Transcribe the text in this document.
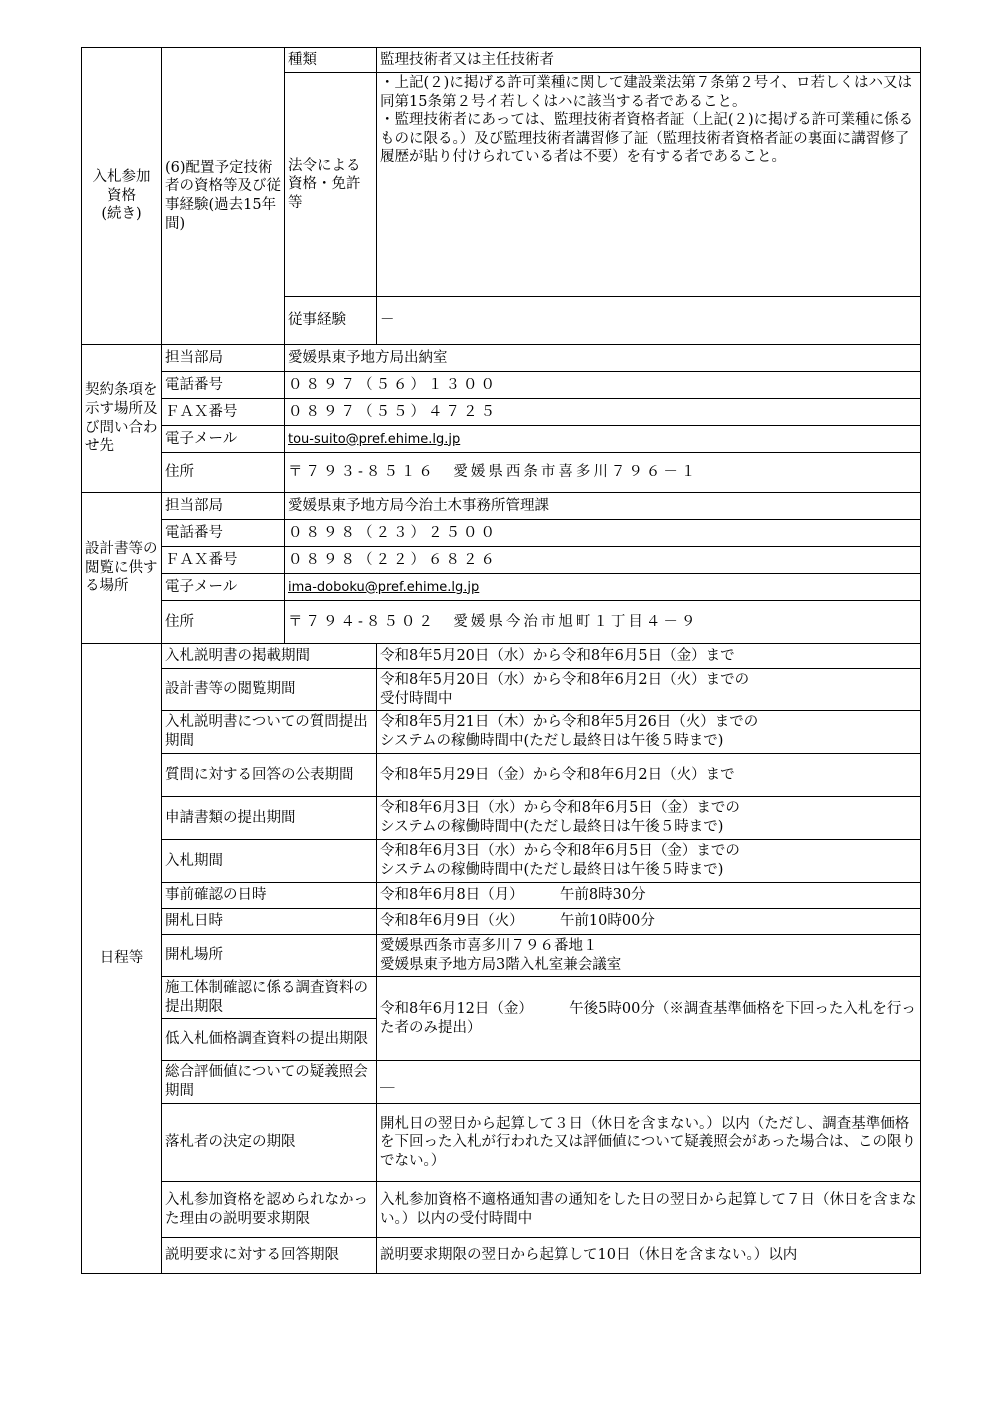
入札参加
資格
(続き)	(6)配置予定技術者の資格等及び従事経験(過去15年間)	種類	監理技術者又は主任技術者
		法令による資格・免許等	・上記(２)に掲げる許可業種に関して建設業法第７条第２号イ、ロ若しくはハ又は同第15条第２号イ若しくはハに該当する者であること。
・監理技術者にあっては、監理技術者資格者証（上記(２)に掲げる許可業種に係るものに限る。）及び監理技術者講習修了証（監理技術者資格者証の裏面に講習修了履歴が貼り付けられている者は不要）を有する者であること。
		従事経験	－
契約条項を示す場所及び問い合わせ先	担当部局	愛媛県東予地方局出納室	
	電話番号	０８９７（５６）１３００	
	ＦＡＸ番号	０８９７（５５）４７２５	
	電子メール	tou-suito@pref.ehime.lg.jp	
	住所	〒７９３-８５１６　愛媛県西条市喜多川７９６－１	
設計書等の閲覧に供する場所	担当部局	愛媛県東予地方局今治土木事務所管理課	
	電話番号	０８９８（２３）２５００	
	ＦＡＸ番号	０８９８（２２）６８２６	
	電子メール	ima-doboku@pref.ehime.lg.jp	
	住所	〒７９４-８５０２　愛媛県今治市旭町１丁目４－９	
日程等	入札説明書の掲載期間		令和8年5月20日（水）から令和8年6月5日（金）まで
	設計書等の閲覧期間		令和8年5月20日（水）から令和8年6月2日（火）までの
受付時間中
	入札説明書についての質問提出期間		令和8年5月21日（木）から令和8年5月26日（火）までの
システムの稼働時間中(ただし最終日は午後５時まで)
	質問に対する回答の公表期間		令和8年5月29日（金）から令和8年6月2日（火）まで
	申請書類の提出期間		令和8年6月3日（水）から令和8年6月5日（金）までの
システムの稼働時間中(ただし最終日は午後５時まで)
	入札期間		令和8年6月3日（水）から令和8年6月5日（金）までの
システムの稼働時間中(ただし最終日は午後５時まで)
	事前確認の日時		令和8年6月8日（月）　　　午前8時30分
	開札日時		令和8年6月9日（火）　　　午前10時00分
	開札場所		愛媛県西条市喜多川７９６番地１
愛媛県東予地方局3階入札室兼会議室
	施工体制確認に係る調査資料の提出期限		令和8年6月12日（金）　　　午後5時00分（※調査基準価格を下回った入札を行った者のみ提出）
	低入札価格調査資料の提出期限		
	総合評価値についての疑義照会期間		＿
	落札者の決定の期限		開札日の翌日から起算して３日（休日を含まない。）以内（ただし、調査基準価格を下回った入札が行われた又は評価値について疑義照会があった場合は、この限りでない。）
	入札参加資格を認められなかった理由の説明要求期限		入札参加資格不適格通知書の通知をした日の翌日から起算して７日（休日を含まない。）以内の受付時間中
	説明要求に対する回答期限		説明要求期限の翌日から起算して10日（休日を含まない。）以内
